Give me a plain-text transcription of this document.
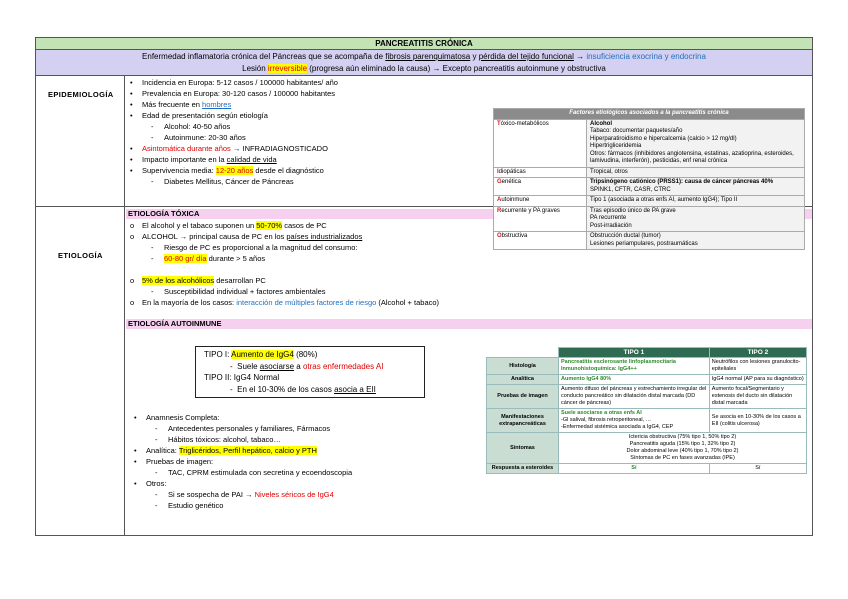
PANCREATITIS CRÓNICA
Enfermedad inflamatoria crónica del Páncreas que se acompaña de fibrosis parenquimatosa y pérdida del tejido funcional → insuficiencia exocrina y endocrina
Lesión irreversible (progresa aún eliminado la causa) → Excepto pancreatitis autoinmune y obstructiva
EPIDEMIOLOGÍA
• Incidencia en Europa: 5-12 casos / 100000 habitantes/ año
• Prevalencia en Europa: 30-120 casos / 100000 habitantes
• Más frecuente en hombres
• Edad de presentación según etiología
- Alcohol: 40-50 años
- Autoinmune: 20-30 años
• Asintomática durante años → INFRADIAGNOSTICADO
• Impacto importante en la calidad de vida
• Supervivencia media: 12-20 años desde el diagnóstico
- Diabetes Mellitus, Cáncer de Páncreas
Factores etiológicos asociados a la pancreatitis crónica	
Tóxico-metabólicos	Alcohol
Tabaco: documentar paquetes/año
Hiperparatiroidismo e hipercalcemia (calcio > 12 mg/dl)
Hipertrigliceridemia
Otros: fármacos (inhibidores angiotensina, estatinas, azatioprina, esteroides, lamivudina, interferón), pesticidas, enf renal crónica
Idiopáticas	Tropical, otros
Genética	Tripsinógeno catiónico (PRSS1): causa de cáncer páncreas 40%
SPINK1, CFTR, CASR, CTRC
Autoinmune	Tipo 1 (asociada a otras enfs AI, aumento IgG4); Tipo II
Recurrente y PA graves	Tras episodio único de PA grave
PA recurrente
Post-irradiación
Obstructiva	Obstrucción ductal (tumor)
Lesiones periampulares, postraumáticas
ETIOLOGÍA
ETIOLOGÍA TÓXICA
o El alcohol y el tabaco suponen un 50-70% casos de PC
o ALCOHOL → principal causa de PC en los países industrializados
- Riesgo de PC es proporcional a la magnitud del consumo:
- 60-80 gr/ día durante > 5 años
o 5% de los alcohólicos desarrollan PC
- Susceptibilidad individual + factores ambientales
o En la mayoría de los casos: interacción de múltiples factores de riesgo (Alcohol + tabaco)
ETIOLOGÍA AUTOINMUNE
TIPO I: Aumento de IgG4 (80%)
-  Suele asociarse a otras enfermedades AI
TIPO II: IgG4 Normal
-  En el 10-30% de los casos asocia a EII
• Anamnesis Completa:
- Antecedentes personales y familiares, Fármacos
- Hábitos tóxicos: alcohol, tabaco…
• Analítica: Triglicéridos, Perfil hepático, calcio y PTH
• Pruebas de imagen:
- TAC, CPRM estimulada con secretina y ecoendoscopia
• Otros:
- Si se sospecha de PAI → Niveles séricos de IgG4
- Estudio genético
	TIPO 1	TIPO 2
Histología	Pancreatitis esclerosante linfoplasmocitaria Inmunohistoquímica: IgG4++	Neutrófilos con lesiones granulocito-epiteliales
Analítica	Aumento IgG4 80%	IgG4 normal (AP para su diagnóstico)
Pruebas de imagen	Aumento difuso del páncreas y estrechamiento irregular del conducto pancreático sin dilatación distal marcada (DD cáncer de páncreas)	Aumento focal/Segmentario y estenosis del ducto sin dilatación distal marcada
Manifestaciones extrapancreáticas	Suele asociarse a otras enfs AI
-Gl salival, fibrosis retroperitoneal, …
-Enfermedad sistémica asociada a IgG4, CEP	Se asocia en 10-30% de los casos a EII (colitis ulcerosa)
Síntomas	Ictericia obstructiva (75% tipo 1, 50% tipo 2)
Pancreatitis aguda (15% tipo 1, 32% tipo 2)
Dolor abdominal leve (40% tipo 1, 70% tipo 2)
Síntomas de PC en fases avanzadas (IPE)	
Respuesta a esteroides	Sí	Sí
